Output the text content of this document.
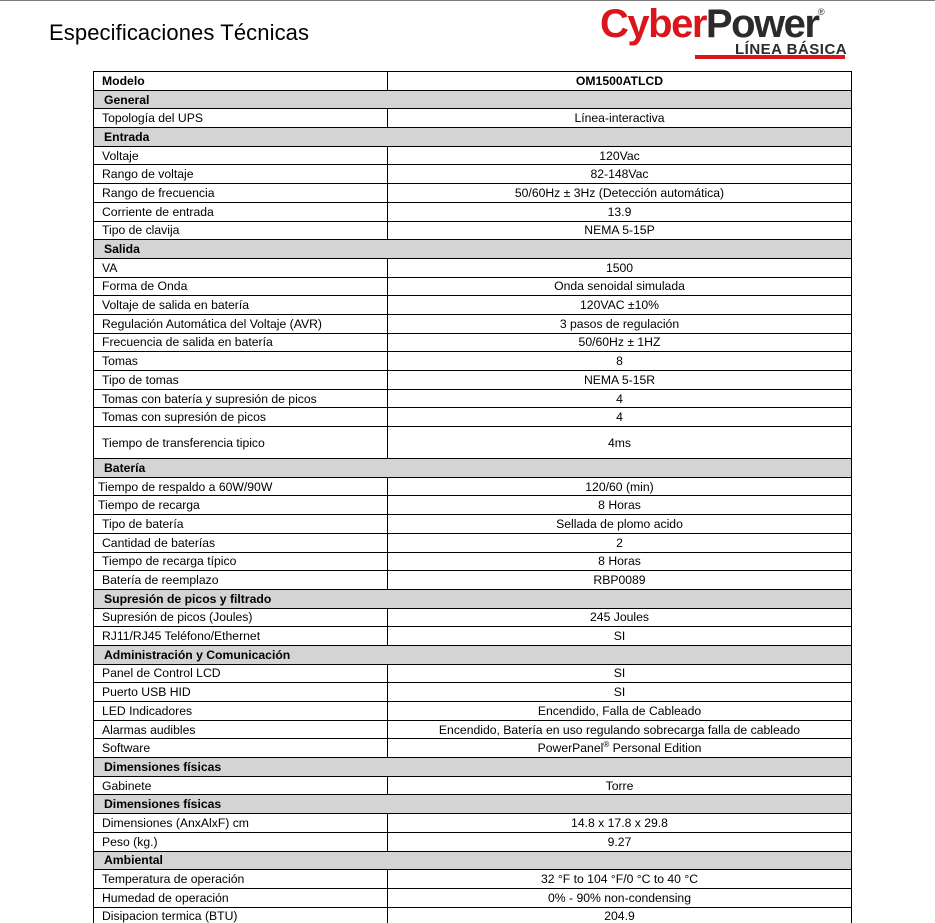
Especificaciones Técnicas	CyberPower ®
LÍNEA BÁSICA
Modelo	OM1500ATLCD
General	
Topología del UPS	Línea-interactiva
Entrada	
Voltaje	120Vac
Rango de voltaje	82-148Vac
Rango de frecuencia	50/60Hz ± 3Hz (Detección automática)
Corriente de entrada	13.9
Tipo de clavija	NEMA 5-15P
Salida	
VA	1500
Forma de Onda	Onda senoidal simulada
Voltaje de salida en batería	120VAC ±10%
Regulación Automática del Voltaje (AVR)	3 pasos de regulación
Frecuencia de salida en batería	50/60Hz ± 1HZ
Tomas	8
Tipo de tomas	NEMA 5-15R
Tomas con batería y supresión de picos	4
Tomas con supresión de picos	4
Tiempo de transferencia tipico	4ms
Batería	
Tiempo de respaldo a 60W/90W	120/60 (min)
Tiempo de recarga	8 Horas
Tipo de batería	Sellada de plomo acido
Cantidad de baterías	2
Tiempo de recarga típico	8 Horas
Batería de reemplazo	RBP0089
Supresión de picos y filtrado	
Supresión de picos (Joules)	245 Joules
RJ11/RJ45 Teléfono/Ethernet	SI
Administración y Comunicación	
Panel de Control LCD	SI
Puerto USB HID	SI
LED Indicadores	Encendido, Falla de Cableado
Alarmas audibles	Encendido, Batería en uso regulando sobrecarga falla de cableado
Software	PowerPanel® Personal Edition
Dimensiones físicas	
Gabinete	Torre
Dimensiones físicas	
Dimensiones (AnxAlxF) cm	14.8 x 17.8 x 29.8
Peso (kg.)	9.27
Ambiental	
Temperatura de operación	32 °F to 104 °F/0 °C to 40 °C
Humedad de operación	0% - 90% non-condensing
Disipacion termica (BTU)	204.9
